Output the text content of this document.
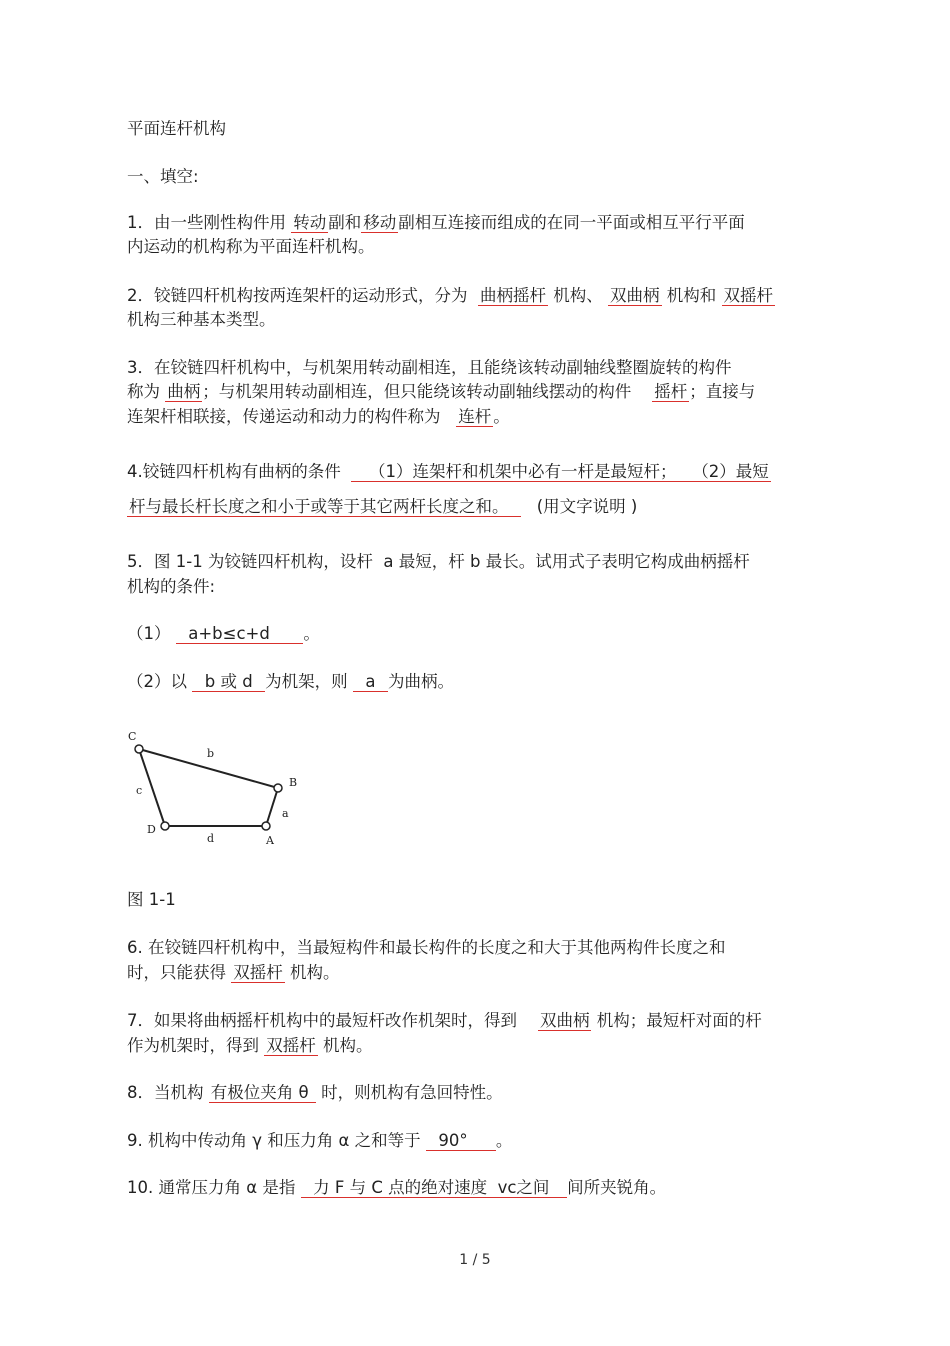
平面连杆机构
一、填空:
1．由一些刚性构件用 转动 副和 移动 副相互连接而组成的在同一平面或相互平行平面
内运动的机构称为平面连杆机构。
2．铰链四杆机构按两连架杆的运动形式，分为  曲柄摇杆 机构、 双曲柄 机构和 双摇杆
机构三种基本类型。
3．在铰链四杆机构中，与机架用转动副相连，且能绕该转动副轴线整圈旋转的构件
称为 曲柄 ；与机架用转动副相连，但只能绕该转动副轴线摆动的构件    摇杆 ；直接与
连架杆相联接，传递运动和动力的构件称为   连杆 。
4.铰链四杆机构有曲柄的条件     （1）连架杆和机架中必有一杆是最短杆；   （2）最短
杆与最长杆长度之和小于或等于其它两杆长度之和。     (用文字说明 )
5．图 1-1 为铰链四杆机构，设杆  a 最短，杆 b 最长。试用式子表明它构成曲柄摇杆
机构的条件:
（1）   a+b≤c+d      。
（2）以   b 或 d  为机架，则   a  为曲柄。
C
B
D
A
b
c
a
d
图 1-1
6. 在铰链四杆机构中，当最短构件和最长构件的长度之和大于其他两构件长度之和
时，只能获得 双摇杆 机构。
7．如果将曲柄摇杆机构中的最短杆改作机架时，得到    双曲柄 机构；最短杆对面的杆
作为机架时，得到 双摇杆 机构。
8．当机构 有极位夹角 θ  时，则机构有急回特性。
9. 机构中传动角 γ 和压力角 α 之和等于   90°     。
10. 通常压力角 α 是指   力 F 与 C 点的绝对速度  vc之间   间所夹锐角。
1 / 5
